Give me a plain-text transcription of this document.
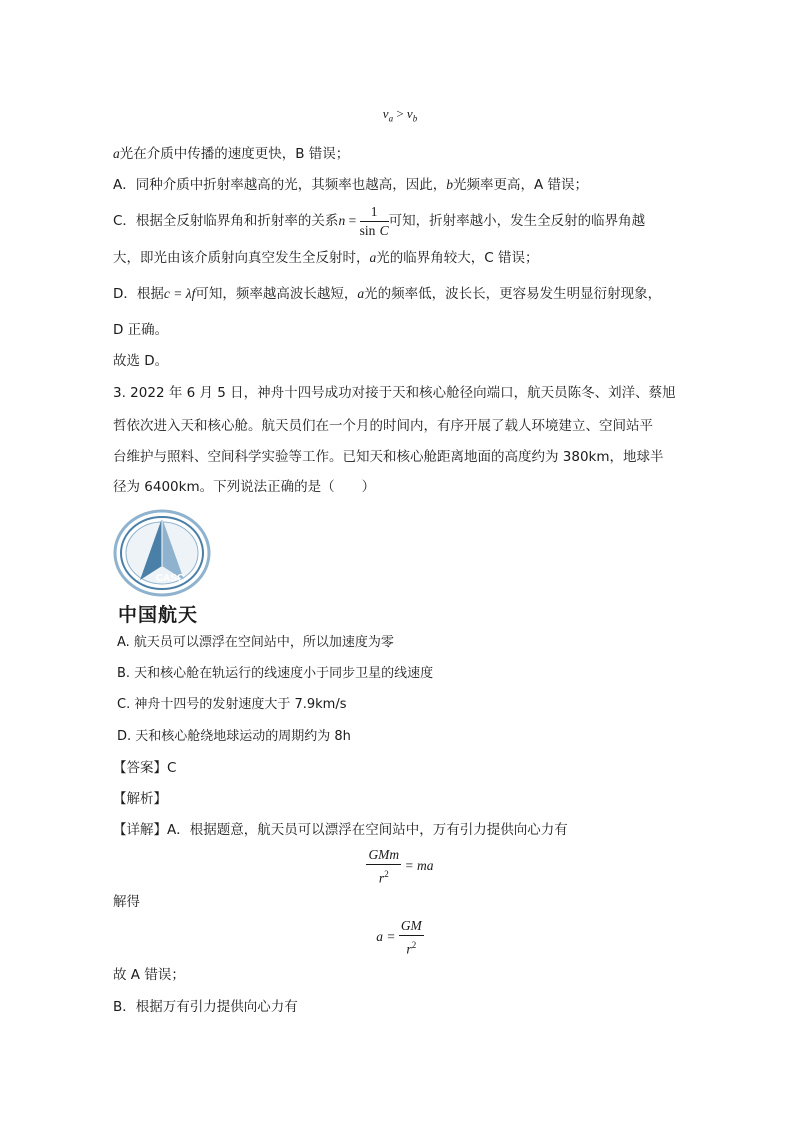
$v_a > v_b$
a光在介质中传播的速度更快，B 错误；
A．同种介质中折射率越高的光，其频率也越高，因此，b光频率更高，A 错误；
C．根据全反射临界角和折射率的关系$n = \frac{1}{\text{sin C}}$ 可知，折射率越小，发生全反射的临界角越
大，即光由该介质射向真空发生全反射时，a光的临界角较大，C 错误；
D．根据c = λf可知，频率越高波长越短，a光的频率低，波长长，更容易发生明显衍射现象，
D 正确。
故选 D。
3. 2022 年 6 月 5 日，神舟十四号成功对接于天和核心舱径向端口，航天员陈冬、刘洋、蔡旭
哲依次进入天和核心舱。航天员们在一个月的时间内，有序开展了载人环境建立、空间站平
台维护与照料、空间科学实验等工作。已知天和核心舱距离地面的高度约为 380km，地球半
径为 6400km。下列说法正确的是（　　）
CASC
中国航天
A. 航天员可以漂浮在空间站中，所以加速度为零
B. 天和核心舱在轨运行的线速度小于同步卫星的线速度
C. 神舟十四号的发射速度大于 7.9km/s
D. 天和核心舱绕地球运动的周期约为 8h
【答案】C
【解析】
【详解】A．根据题意，航天员可以漂浮在空间站中，万有引力提供向心力有
$\frac{\text{GMm}}{r^2}$ = ma
解得
$a = \frac{GM}{r^2}$
故 A 错误；
B．根据万有引力提供向心力有
